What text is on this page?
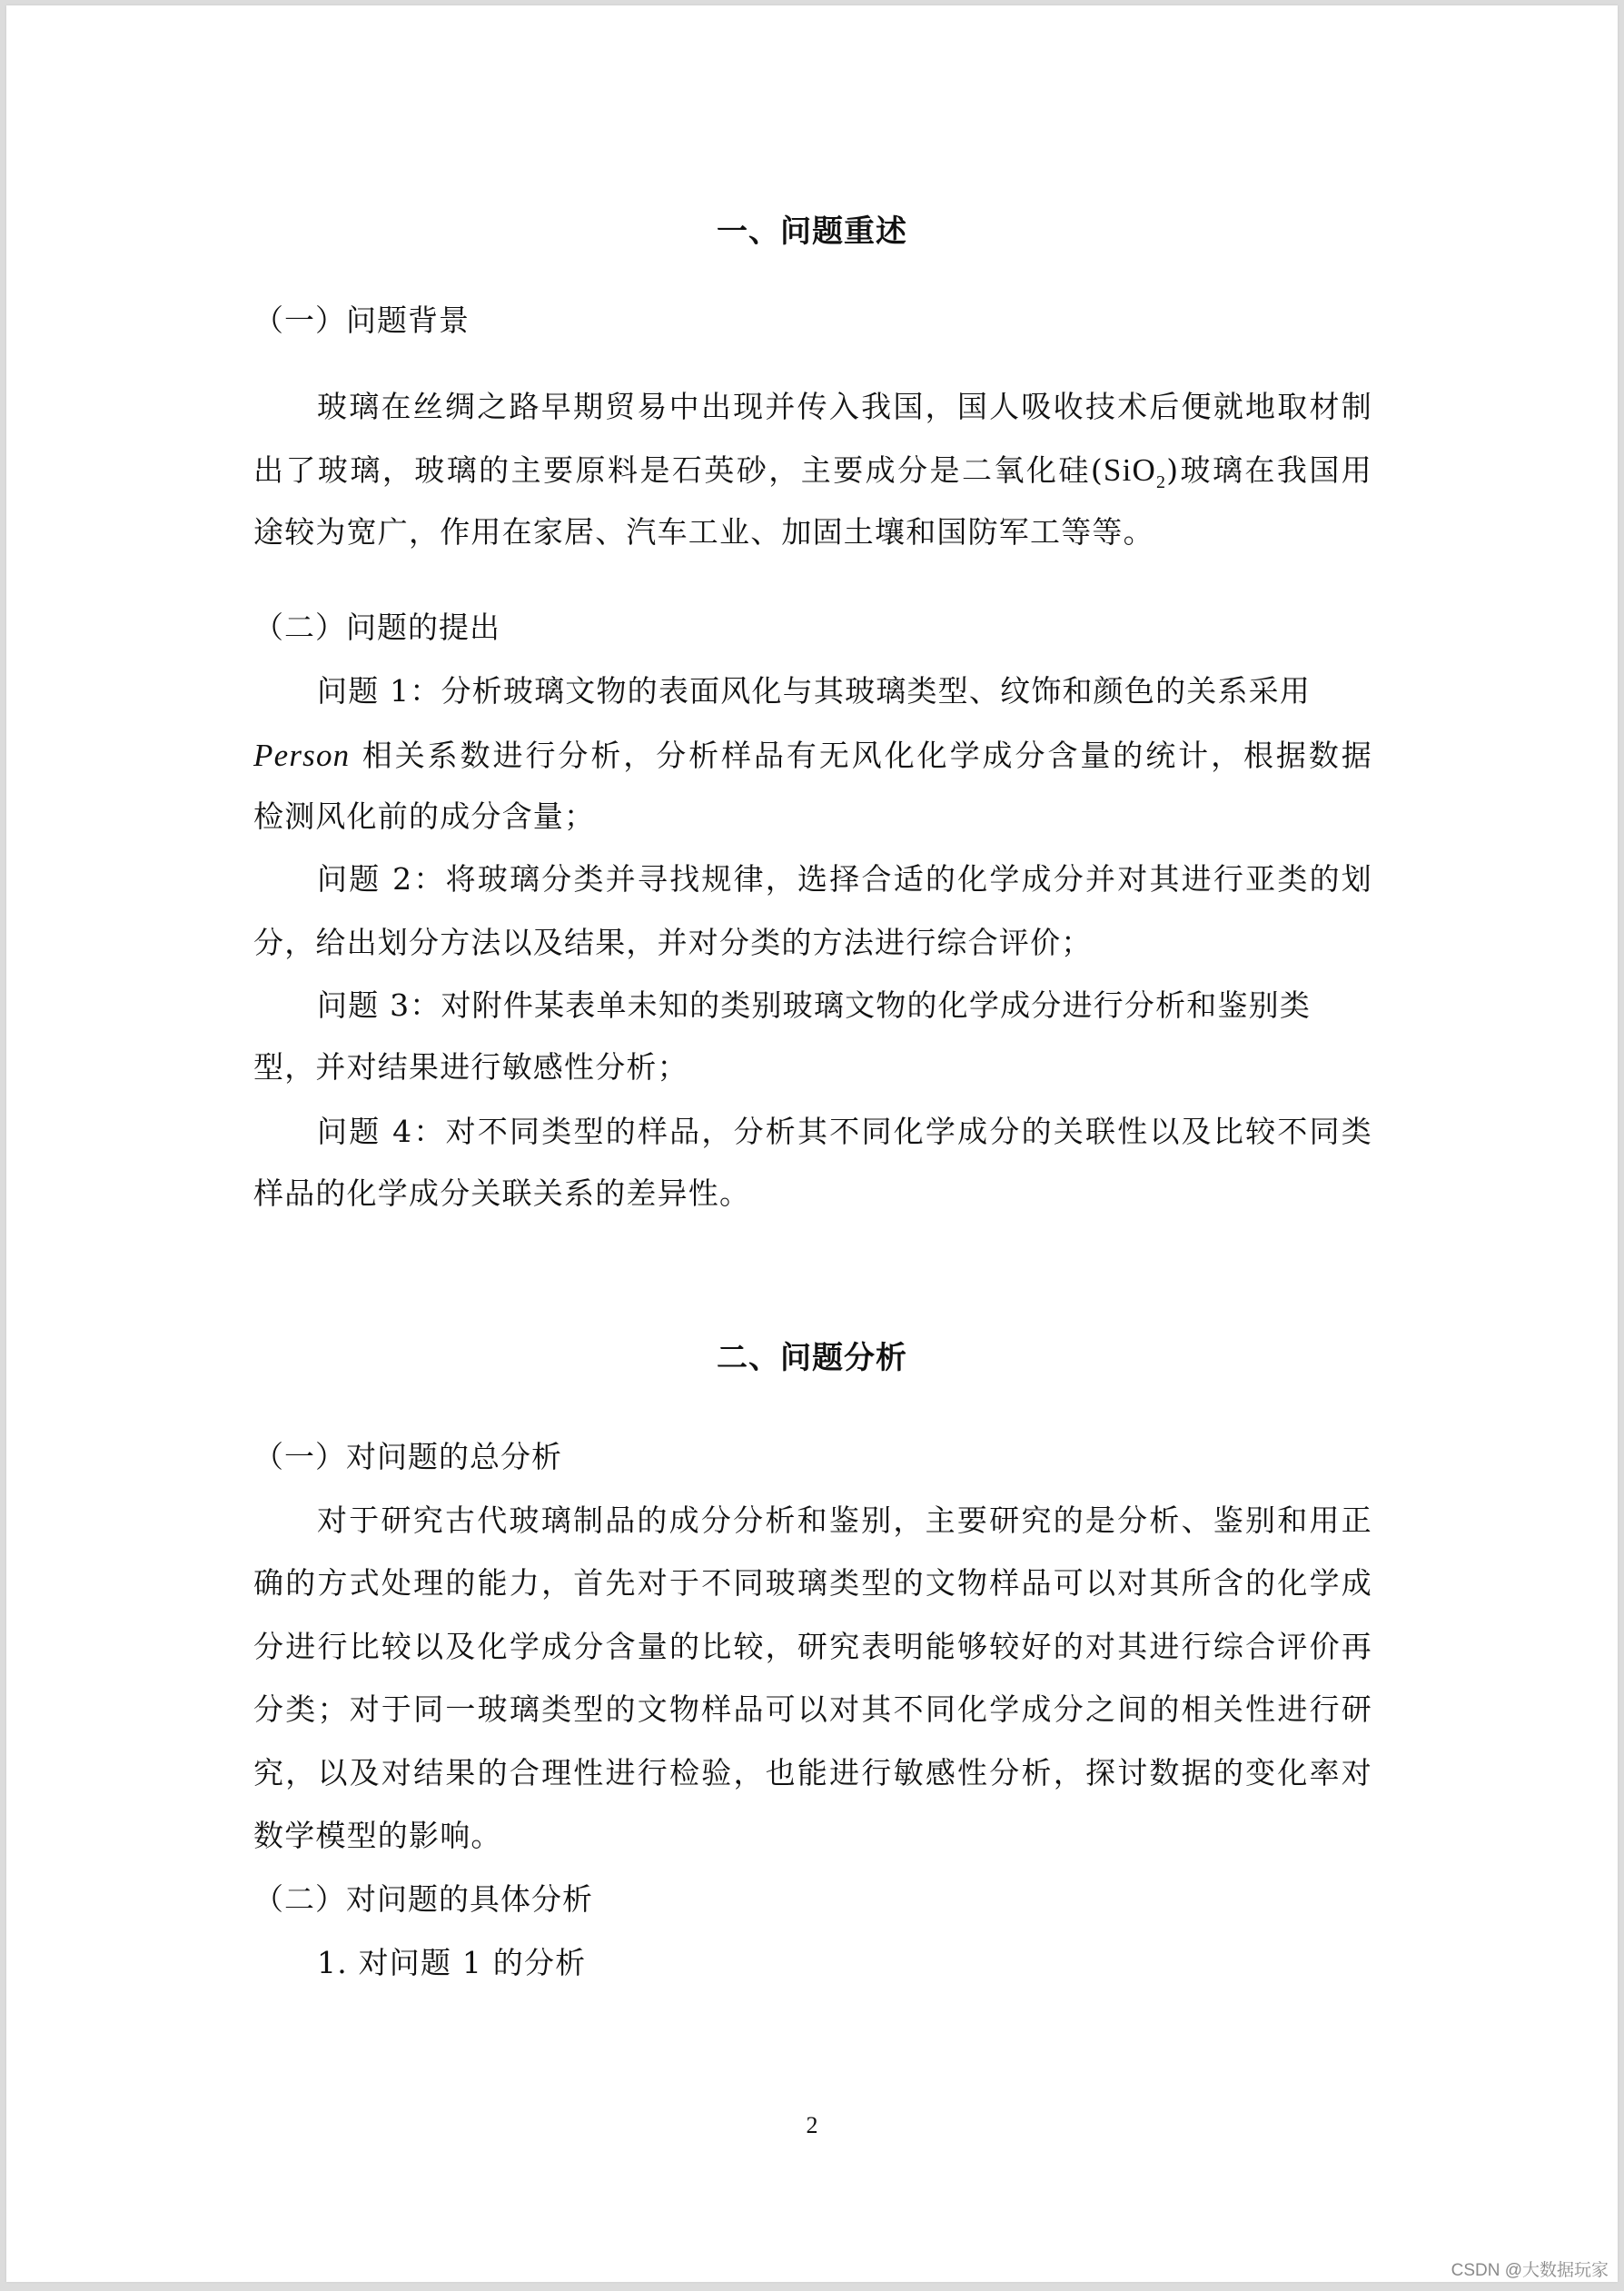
一、问题重述
（一）问题背景
玻璃在丝绸之路早期贸易中出现并传入我国，国人吸收技术后便就地取材制
出了玻璃，玻璃的主要原料是石英砂，主要成分是二氧化硅(SiO$_2$)玻璃在我国用
途较为宽广，作用在家居、汽车工业、加固土壤和国防军工等等。
（二）问题的提出
问题 1：分析玻璃文物的表面风化与其玻璃类型、纹饰和颜色的关系采用
Person 相关系数进行分析，分析样品有无风化化学成分含量的统计，根据数据
检测风化前的成分含量；
问题 2：将玻璃分类并寻找规律，选择合适的化学成分并对其进行亚类的划
分，给出划分方法以及结果，并对分类的方法进行综合评价；
问题 3：对附件某表单未知的类别玻璃文物的化学成分进行分析和鉴别类
型，并对结果进行敏感性分析；
问题 4：对不同类型的样品，分析其不同化学成分的关联性以及比较不同类
样品的化学成分关联关系的差异性。
二、问题分析
（一）对问题的总分析
对于研究古代玻璃制品的成分分析和鉴别，主要研究的是分析、鉴别和用正
确的方式处理的能力，首先对于不同玻璃类型的文物样品可以对其所含的化学成
分进行比较以及化学成分含量的比较，研究表明能够较好的对其进行综合评价再
分类；对于同一玻璃类型的文物样品可以对其不同化学成分之间的相关性进行研
究，以及对结果的合理性进行检验，也能进行敏感性分析，探讨数据的变化率对
数学模型的影响。
（二）对问题的具体分析
1. 对问题 1 的分析
2
CSDN @大数据玩家
